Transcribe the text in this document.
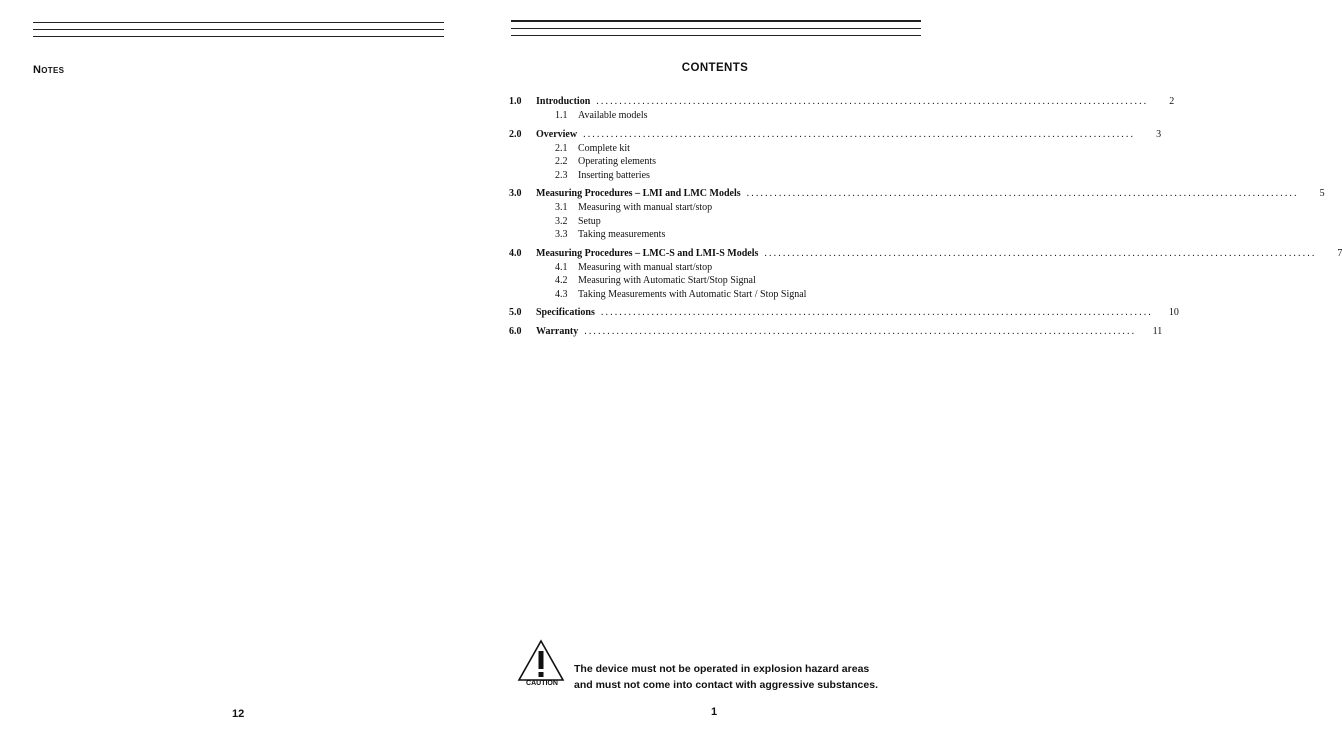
Notes
12
CONTENTS
1.0	Introduction ........................................................................................................................	2
1.1 Available models
2.0	Overview ........................................................................................................................	3
2.1 Complete kit
2.2 Operating elements
2.3 Inserting batteries
3.0	Measuring Procedures – LMI and LMC Models ........................................................................................................................	5
3.1 Measuring with manual start/stop
3.2 Setup
3.3 Taking measurements
4.0	Measuring Procedures – LMC-S and LMI-S Models ........................................................................................................................	7
4.1 Measuring with manual start/stop
4.2 Measuring with Automatic Start/Stop Signal
4.3 Taking Measurements with Automatic Start / Stop Signal
5.0	Specifications ........................................................................................................................	10
6.0	Warranty ........................................................................................................................	11
CAUTION
The device must not be operated in explosion hazard areas
and must not come into contact with aggressive substances.
1
